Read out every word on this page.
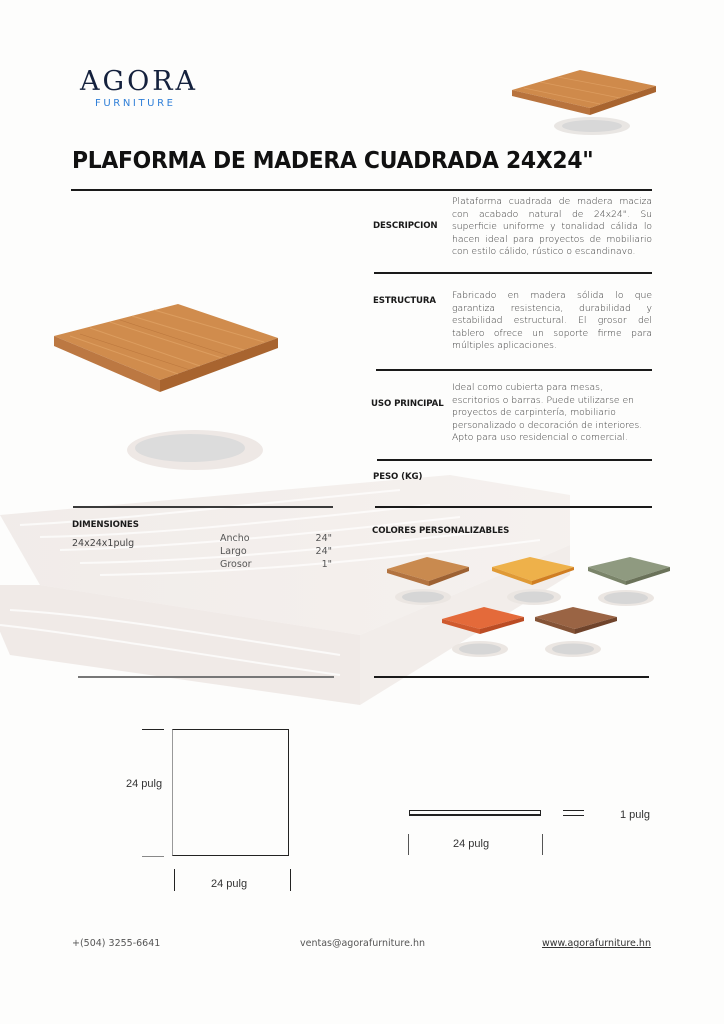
AGORA
FURNITURE
PLAFORMA DE MADERA CUADRADA 24X24"
DESCRIPCION
Plataforma cuadrada de madera maciza con acabado natural de 24x24". Su superficie uniforme y tonalidad cálida lo hacen ideal para proyectos de mobiliario con estilo cálido, rústico o escandinavo.
ESTRUCTURA Fabricado en madera sólida lo que garantiza resistencia, durabilidad y estabilidad estructural. El grosor del tablero ofrece un soporte firme para múltiples aplicaciones.
USO PRINCIPAL
Ideal como cubierta para mesas, escritorios o barras. Puede utilizarse en proyectos de carpintería, mobiliario personalizado o decoración de interiores. Apto para uso residencial o comercial.
PESO (KG)
DIMENSIONES
24x24x1pulg	Ancho	24"
Largo	24"
Grosor	1"
COLORES PERSONALIZABLES
24 pulg
24 pulg
1 pulg
24 pulg
+(504) 3255-6641	ventas@agorafurniture.hn	www.agorafurniture.hn
